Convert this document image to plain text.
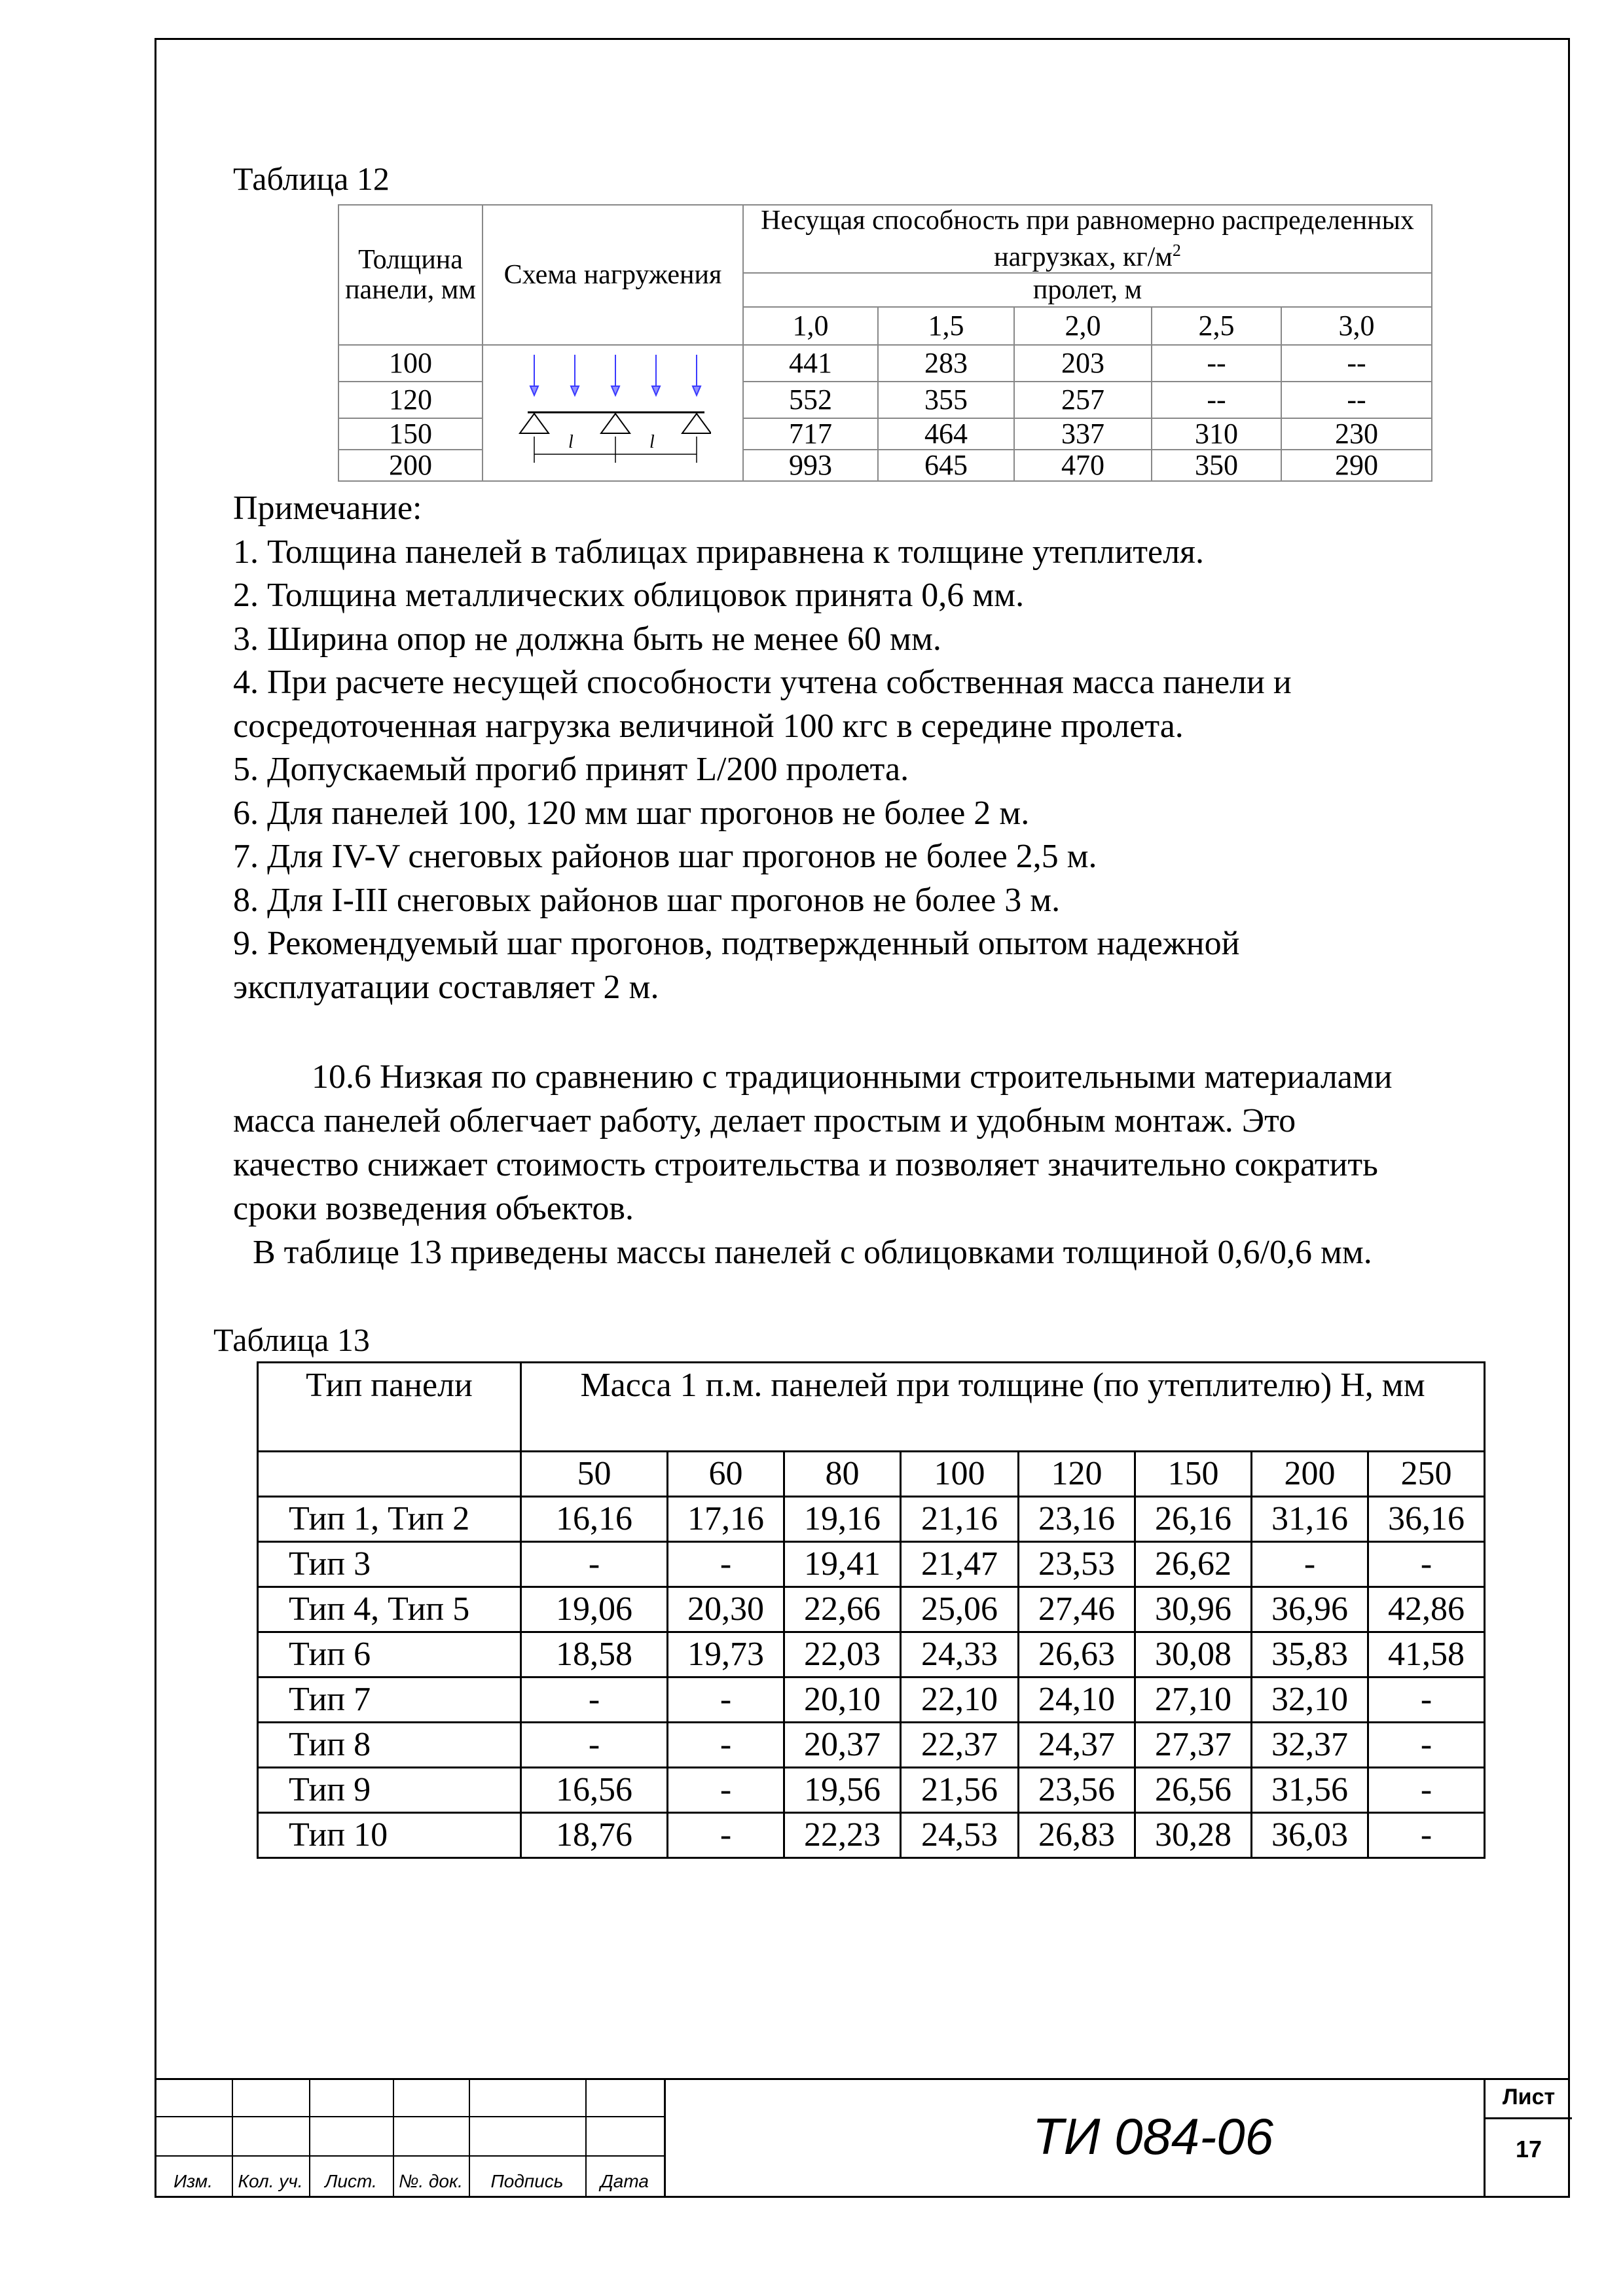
Таблица 12
Толщина панели, мм	Схема нагружения	Несущая способность при равномерно распределенных нагрузках, $кг/м^2$
		пролет, м				
		1,0	1,5	2,0	2,5	3,0
100	l l	441	283	203	--	--
120		552	355	257	--	--
150		717	464	337	310	230
200		993	645	470	350	290

Примечание:

1. Толщина панелей в таблицах приравнена к толщине утеплителя.

2. Толщина металлических облицовок принята 0,6 мм.

3. Ширина опор не должна быть не менее 60 мм.

4. При расчете несущей способности учтена собственная масса панели и

сосредоточенная нагрузка величиной 100 кгс в середине пролета.

5. Допускаемый прогиб принят L/200 пролета.

6. Для панелей 100, 120 мм шаг прогонов не более 2 м.

7. Для IV-V снеговых районов шаг прогонов не более 2,5 м.

8. Для I-III снеговых районов шаг прогонов не более 3 м.

9. Рекомендуемый шаг прогонов, подтвержденный опытом надежной

эксплуатации составляет 2 м.

10.6 Низкая по сравнению с традиционными строительными материалами

масса панелей облегчает работу, делает простым и удобным монтаж. Это

качество снижает стоимость строительства и позволяет значительно сократить

сроки возведения объектов.

В таблице 13 приведены массы панелей с облицовками толщиной 0,6/0,6 мм.

Таблица 13
Тип панели	Масса 1 п.м. панелей при толщине (по утеплителю) Н, мм							
	50	60	80	100	120	150	200	250
Тип 1, Тип 2	16,16	17,16	19,16	21,16	23,16	26,16	31,16	36,16
Тип 3	-	-	19,41	21,47	23,53	26,62	-	-
Тип 4, Тип 5	19,06	20,30	22,66	25,06	27,46	30,96	36,96	42,86
Тип 6	18,58	19,73	22,03	24,33	26,63	30,08	35,83	41,58
Тип 7	-	-	20,10	22,10	24,10	27,10	32,10	-
Тип 8	-	-	20,37	22,37	24,37	27,37	32,37	-
Тип 9	16,56	-	19,56	21,56	23,56	26,56	31,56	-
Тип 10	18,76	-	22,23	24,53	26,83	30,28	36,03	-
Изм.	Кол. уч.	Лист.	№. док.	Подпись	Дата
ТИ 084-06
Лист
17
